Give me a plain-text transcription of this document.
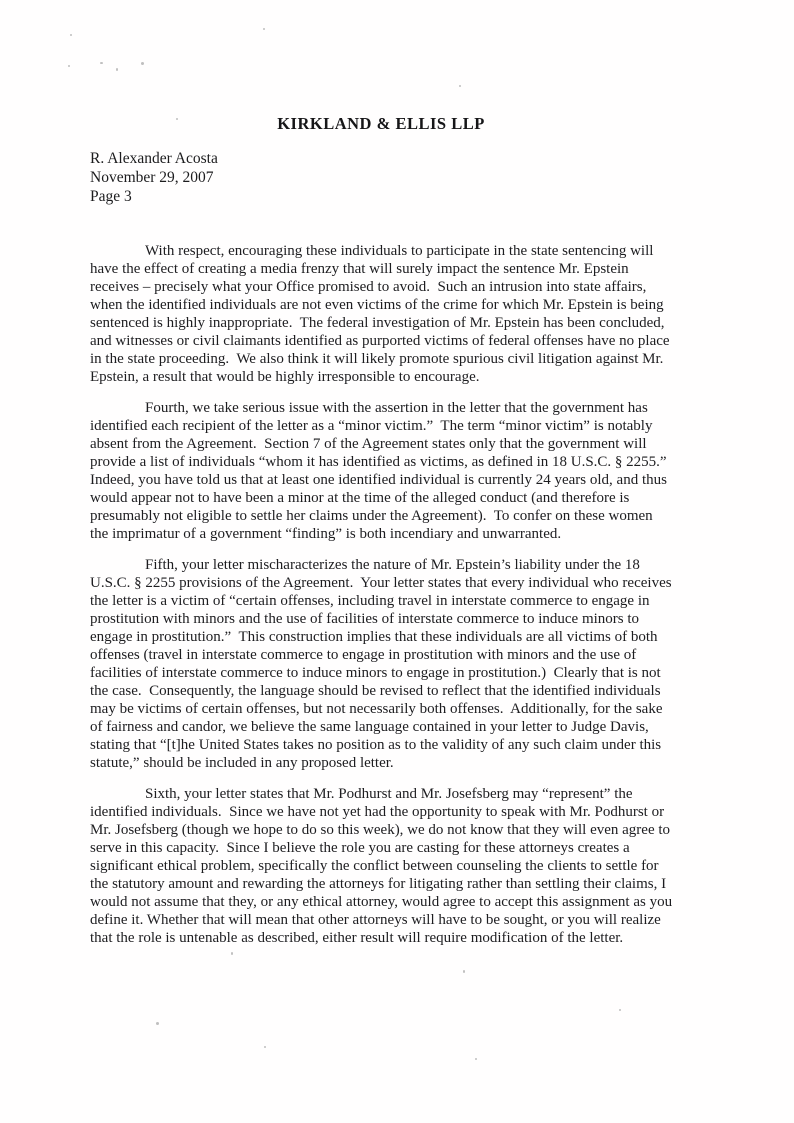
KIRKLAND & ELLIS LLP
R. Alexander Acosta
November 29, 2007
Page 3

With respect, encouraging these individuals to participate in the state sentencing will
have the effect of creating a media frenzy that will surely impact the sentence Mr. Epstein
receives – precisely what your Office promised to avoid.  Such an intrusion into state affairs,
when the identified individuals are not even victims of the crime for which Mr. Epstein is being
sentenced is highly inappropriate.  The federal investigation of Mr. Epstein has been concluded,
and witnesses or civil claimants identified as purported victims of federal offenses have no place
in the state proceeding.  We also think it will likely promote spurious civil litigation against Mr.
Epstein, a result that would be highly irresponsible to encourage.

Fourth, we take serious issue with the assertion in the letter that the government has
identified each recipient of the letter as a “minor victim.”  The term “minor victim” is notably
absent from the Agreement.  Section 7 of the Agreement states only that the government will
provide a list of individuals “whom it has identified as victims, as defined in 18 U.S.C. § 2255.”
Indeed, you have told us that at least one identified individual is currently 24 years old, and thus
would appear not to have been a minor at the time of the alleged conduct (and therefore is
presumably not eligible to settle her claims under the Agreement).  To confer on these women
the imprimatur of a government “finding” is both incendiary and unwarranted.

Fifth, your letter mischaracterizes the nature of Mr. Epstein’s liability under the 18
U.S.C. § 2255 provisions of the Agreement.  Your letter states that every individual who receives
the letter is a victim of “certain offenses, including travel in interstate commerce to engage in
prostitution with minors and the use of facilities of interstate commerce to induce minors to
engage in prostitution.”  This construction implies that these individuals are all victims of both
offenses (travel in interstate commerce to engage in prostitution with minors and the use of
facilities of interstate commerce to induce minors to engage in prostitution.)  Clearly that is not
the case.  Consequently, the language should be revised to reflect that the identified individuals
may be victims of certain offenses, but not necessarily both offenses.  Additionally, for the sake
of fairness and candor, we believe the same language contained in your letter to Judge Davis,
stating that “[t]he United States takes no position as to the validity of any such claim under this
statute,” should be included in any proposed letter.

Sixth, your letter states that Mr. Podhurst and Mr. Josefsberg may “represent” the
identified individuals.  Since we have not yet had the opportunity to speak with Mr. Podhurst or
Mr. Josefsberg (though we hope to do so this week), we do not know that they will even agree to
serve in this capacity.  Since I believe the role you are casting for these attorneys creates a
significant ethical problem, specifically the conflict between counseling the clients to settle for
the statutory amount and rewarding the attorneys for litigating rather than settling their claims, I
would not assume that they, or any ethical attorney, would agree to accept this assignment as you
define it. Whether that will mean that other attorneys will have to be sought, or you will realize
that the role is untenable as described, either result will require modification of the letter.
